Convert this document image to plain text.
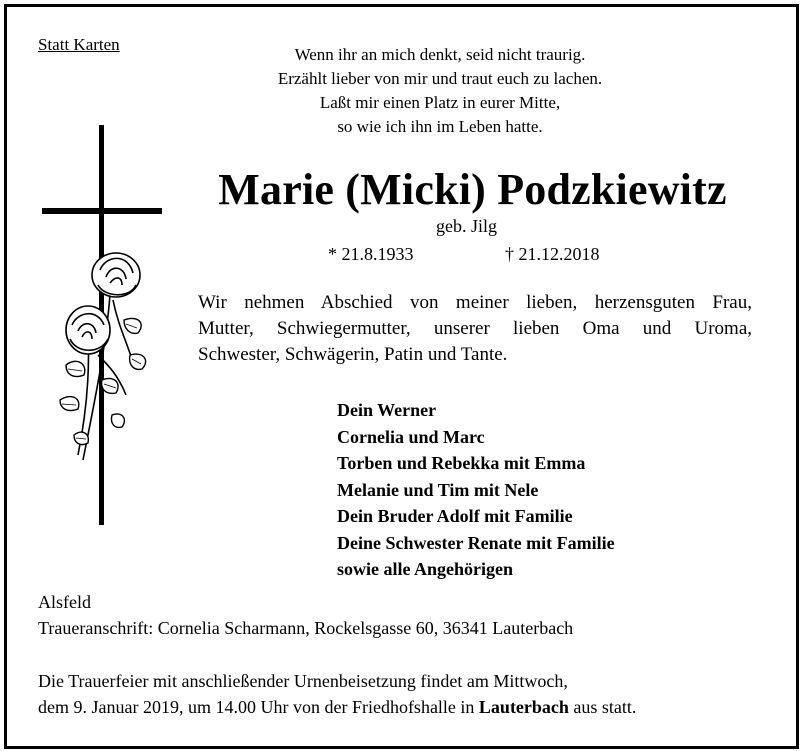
Statt Karten
Wenn ihr an mich denkt, seid nicht traurig.
Erzählt lieber von mir und traut euch zu lachen.
Laßt mir einen Platz in eurer Mitte,
so wie ich ihn im Leben hatte.
Marie (Micki) Podzkiewitz
geb. Jilg
* 21.8.1933	† 21.12.2018
Wir nehmen Abschied von meiner lieben, herzensguten Frau,
Mutter, Schwiegermutter, unserer lieben Oma und Uroma,
Schwester, Schwägerin, Patin und Tante.
Dein Werner
Cornelia und Marc
Torben und Rebekka mit Emma
Melanie und Tim mit Nele
Dein Bruder Adolf mit Familie
Deine Schwester Renate mit Familie
sowie alle Angehörigen
Alsfeld
Traueranschrift: Cornelia Scharmann, Rockelsgasse 60, 36341 Lauterbach
Die Trauerfeier mit anschließender Urnenbeisetzung findet am Mittwoch,
dem 9. Januar 2019, um 14.00 Uhr von der Friedhofshalle in Lauterbach aus statt.
